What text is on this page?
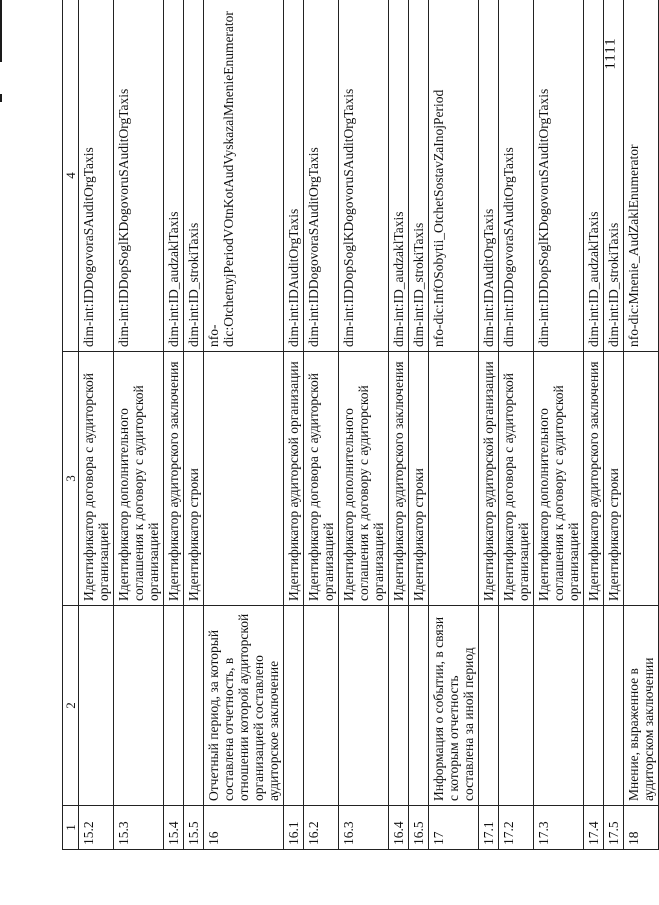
1	2	3	4
15.2		Идентификатор договора с аудиторской организацией	dim-int:IDDogovoraSAuditOrgTaxis
15.3		Идентификатор дополнительного соглашения к договору с аудиторской организацией	dim-int:IDDopSoglKDogovoruSAuditOrgTaxis
15.4		Идентификатор аудиторского заключения	dim-int:ID_audzaklTaxis
15.5		Идентификатор строки	dim-int:ID_strokiTaxis
16	Отчетный период, за который составлена отчетность, в отношении которой аудиторской организацией составлено аудиторское заключение		nfo-dic:OtchetnyjPeriodVOtnKotAudVyskazalMnenieEnumerator
16.1		Идентификатор аудиторской организации	dim-int:IDAuditOrgTaxis
16.2		Идентификатор договора с аудиторской организацией	dim-int:IDDogovoraSAuditOrgTaxis
16.3		Идентификатор дополнительного соглашения к договору с аудиторской организацией	dim-int:IDDopSoglKDogovoruSAuditOrgTaxis
16.4		Идентификатор аудиторского заключения	dim-int:ID_audzaklTaxis
16.5		Идентификатор строки	dim-int:ID_strokiTaxis
17	Информация о событии, в связи с которым отчетность составлена за иной период		nfo-dic:InfOSobytii_OtchetSostavZaInojPeriod
17.1		Идентификатор аудиторской организации	dim-int:IDAuditOrgTaxis
17.2		Идентификатор договора с аудиторской организацией	dim-int:IDDogovoraSAuditOrgTaxis
17.3		Идентификатор дополнительного соглашения к договору с аудиторской организацией	dim-int:IDDopSoglKDogovoruSAuditOrgTaxis
17.4		Идентификатор аудиторского заключения	dim-int:ID_audzaklTaxis
17.5		Идентификатор строки	dim-int:ID_strokiTaxis
18	Мнение, выраженное в аудиторском заключении		nfo-dic:Mnenie_AudZaklEnumerator
1111
